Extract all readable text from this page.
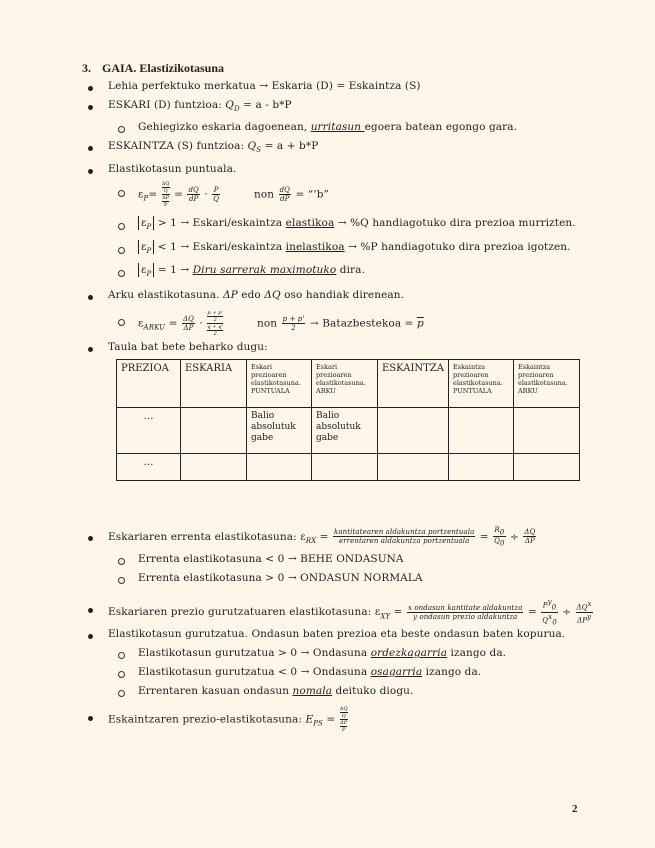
3. GAIA. Elastizikotasuna
Lehia perfektuko merkatua → Eskaria (D) = Eskaintza (S)
ESKARI (D) funtzioa: $Q_D = a - b*P$
Gehiegizko eskaria dagoenean, urritasun egoera batean egongo gara.
ESKAINTZA (S) funtzioa: $Q_S = a + b*P$
Elastikotasun puntuala.
$\varepsilon_P=$
$\frac{\Delta Q}{Q}$
$\frac{\Delta P}{P}$
= $\frac{dQ}{dP} \cdot \frac{P}{Q}$	non $\frac{dQ}{dP}$ = “‘b”
$\varepsilon_P > 1$ → Eskari/eskaintza elastikoa → %Q handiagotuko dira prezioa murrizten.
$\varepsilon_P < 1$ → Eskari/eskaintza inelastikoa → %P handiagotuko dira prezioa igotzen.
$\varepsilon_P = 1$ → Diru sarrerak maximotuko dira.
Arku elastikotasuna. ΔP edo ΔQ oso handiak direnean.
$\varepsilon_{ARKU} = \frac{\Delta Q}{\Delta P} \cdot \frac{\frac{p + p'}{2}}{\frac{q + q'}{2}}$	non $\frac{p + p'}{2}$ → Batazbestekoa = $\overline{p}$
Taula bat bete beharko dugu:
PREZIOA	ESKARIA	Eskari prezioaren elastikotasuna. PUNTUALA	Eskari prezioaren elastikotasuna. ARKU	ESKAINTZA	Eskaintza prezioaren elastikotasuna. PUNTUALA	Eskaintza prezioaren elastikotasuna. ARKU
…		Balio absolutuk gabe	Balio absolutuk gabe			
…						
Eskariaren errenta elastikotasuna: $\varepsilon_{RX} = \frac{\text{kantitatearen aldakuntza portzentuala}}{\text{errentaren aldakuntza portzentuala}} = \frac{R_0}{Q_0} \div \frac{\Delta Q}{\Delta P}$
Errenta elastikotasuna < 0 → BEHE ONDASUNA
Errenta elastikotasuna > 0 → ONDASUN NORMALA
Eskariaren prezio gurutzatuaren elastikotasuna: $\varepsilon_{XY} = \frac{\text{x ondasun kantitate aldakuntza}}{\text{y ondasun prezio aldakuntza}} = \frac{P^y_0}{Q^x_0} \div \frac{\Delta Q^x}{\Delta P^y}$
Elastikotasun gurutzatua. Ondasun baten prezioa eta beste ondasun baten kopurua.
Elastikotasun gurutzatua > 0 → Ondasuna ordezkagarria izango da.
Elastikotasun gurutzatua < 0 → Ondasuna osagarria izango da.
Errentaren kasuan ondasun nomala deituko diogu.
Eskaintzaren prezio-elastikotasuna: $E_{PS}$ =
$\frac{\Delta Q}{Q}$
$\frac{\Delta P}{P}$
2
